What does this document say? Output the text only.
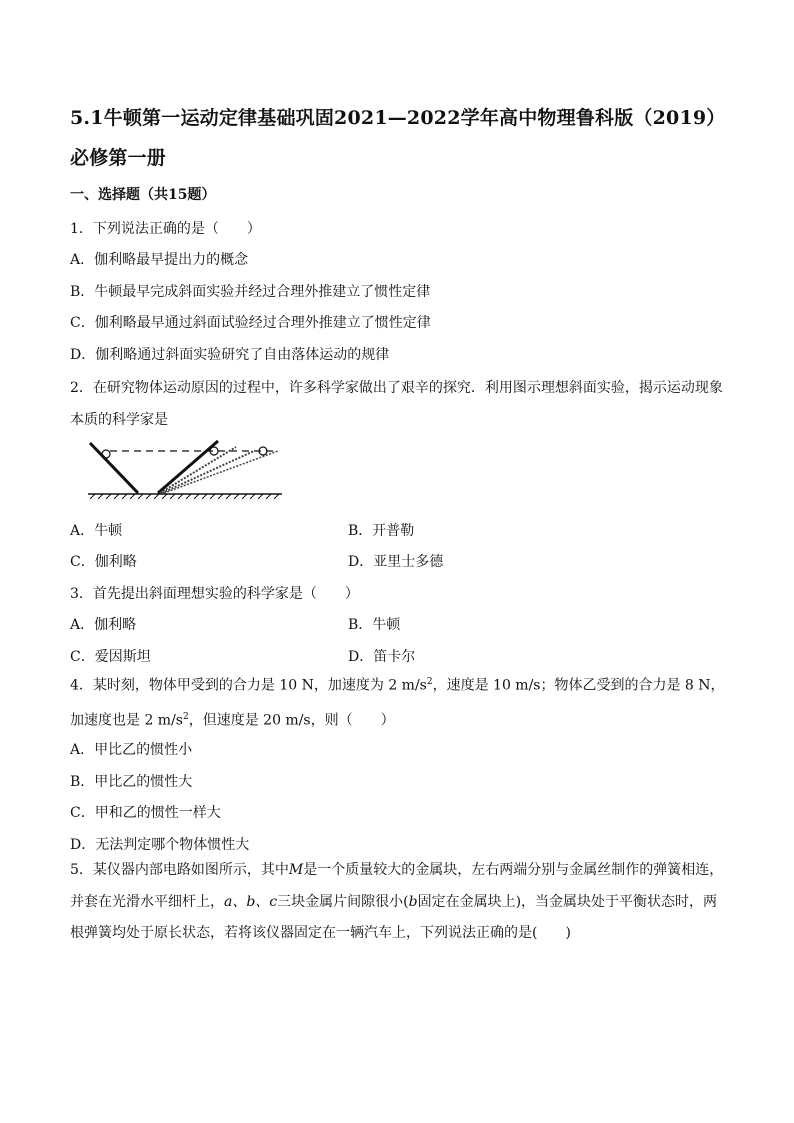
5.1牛顿第一运动定律基础巩固2021—2022学年高中物理鲁科版（2019）必修第一册
一、选择题（共15题）
1．下列说法正确的是（　　）
A．伽利略最早提出力的概念
B．牛顿最早完成斜面实验并经过合理外推建立了惯性定律
C．伽利略最早通过斜面试验经过合理外推建立了惯性定律
D．伽利略通过斜面实验研究了自由落体运动的规律
2．在研究物体运动原因的过程中，许多科学家做出了艰辛的探究．利用图示理想斜面实验，揭示运动现象本质的科学家是
A．牛顿	B．开普勒
C．伽利略	D．亚里士多德
3．首先提出斜面理想实验的科学家是（　　）
A．伽利略	B．牛顿
C．爱因斯坦	D．笛卡尔
4．某时刻，物体甲受到的合力是 10 N，加速度为 2 $m/s^2$，速度是 10 m/s；物体乙受到的合力是 8 N，加速度也是 2 $m/s^2$，但速度是 20 m/s，则（　　）
A．甲比乙的惯性小
B．甲比乙的惯性大
C．甲和乙的惯性一样大
D．无法判定哪个物体惯性大
5．某仪器内部电路如图所示，其中M是一个质量较大的金属块，左右两端分别与金属丝制作的弹簧相连，并套在光滑水平细杆上，a、b、c三块金属片间隙很小(b固定在金属块上)，当金属块处于平衡状态时，两根弹簧均处于原长状态，若将该仪器固定在一辆汽车上，下列说法正确的是(　　)
